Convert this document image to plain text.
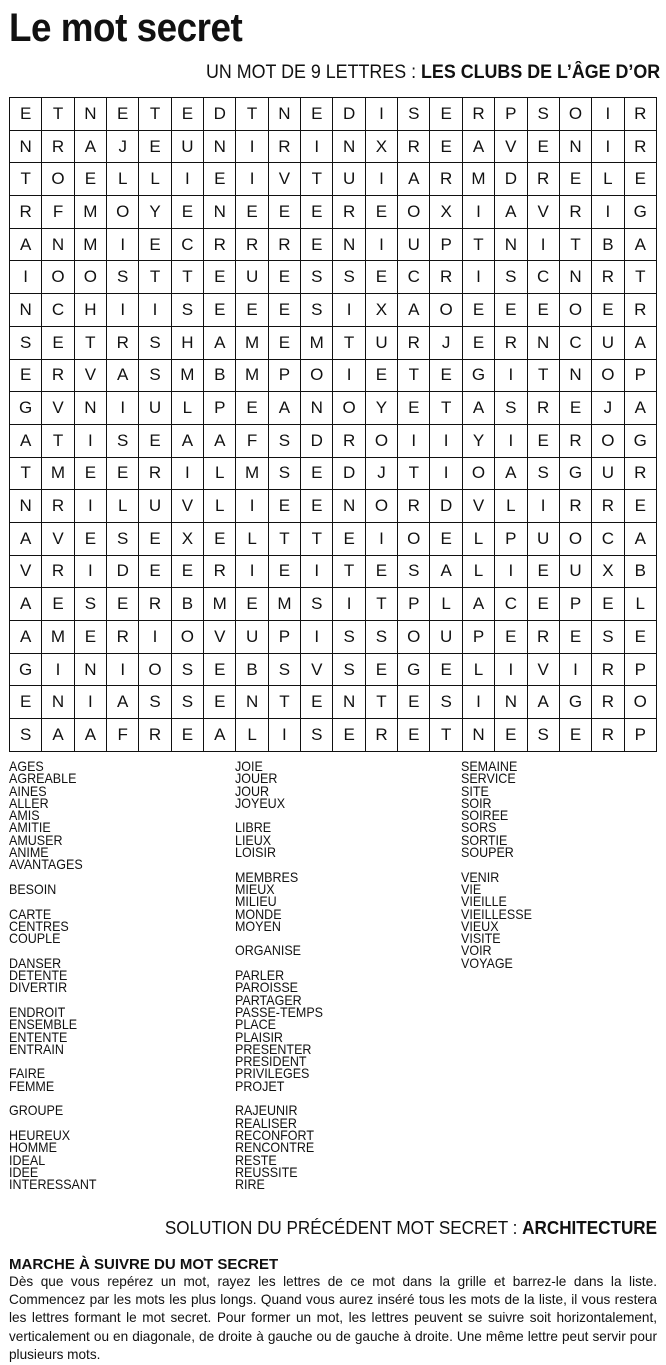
Le mot secret
UN MOT DE 9 LETTRES : LES CLUBS DE L’ÂGE D’OR
E	T	N	E	T	E	D	T	N	E	D	I	S	E	R	P	S	O	I	R
N	R	A	J	E	U	N	I	R	I	N	X	R	E	A	V	E	N	I	R
T	O	E	L	L	I	E	I	V	T	U	I	A	R	M	D	R	E	L	E
R	F	M	O	Y	E	N	E	E	E	R	E	O	X	I	A	V	R	I	G
A	N	M	I	E	C	R	R	R	E	N	I	U	P	T	N	I	T	B	A
I	O	O	S	T	T	E	U	E	S	S	E	C	R	I	S	C	N	R	T
N	C	H	I	I	S	E	E	E	S	I	X	A	O	E	E	E	O	E	R
S	E	T	R	S	H	A	M	E	M	T	U	R	J	E	R	N	C	U	A
E	R	V	A	S	M	B	M	P	O	I	E	T	E	G	I	T	N	O	P
G	V	N	I	U	L	P	E	A	N	O	Y	E	T	A	S	R	E	J	A
A	T	I	S	E	A	A	F	S	D	R	O	I	I	Y	I	E	R	O	G
T	M	E	E	R	I	L	M	S	E	D	J	T	I	O	A	S	G	U	R
N	R	I	L	U	V	L	I	E	E	N	O	R	D	V	L	I	R	R	E
A	V	E	S	E	X	E	L	T	T	E	I	O	E	L	P	U	O	C	A
V	R	I	D	E	E	R	I	E	I	T	E	S	A	L	I	E	U	X	B
A	E	S	E	R	B	M	E	M	S	I	T	P	L	A	C	E	P	E	L
A	M	E	R	I	O	V	U	P	I	S	S	O	U	P	E	R	E	S	E
G	I	N	I	O	S	E	B	S	V	S	E	G	E	L	I	V	I	R	P
E	N	I	A	S	S	E	N	T	E	N	T	E	S	I	N	A	G	R	O
S	A	A	F	R	E	A	L	I	S	E	R	E	T	N	E	S	E	R	P
AGES
AGREABLE
AINES
ALLER
AMIS
AMITIE
AMUSER
ANIME
AVANTAGES
BESOIN
CARTE
CENTRES
COUPLE
DANSER
DETENTE
DIVERTIR
ENDROIT
ENSEMBLE
ENTENTE
ENTRAIN
FAIRE
FEMME
GROUPE
HEUREUX
HOMME
IDEAL
IDEE
INTERESSANT
JOIE
JOUER
JOUR
JOYEUX
LIBRE
LIEUX
LOISIR
MEMBRES
MIEUX
MILIEU
MONDE
MOYEN
ORGANISE
PARLER
PAROISSE
PARTAGER
PASSE-TEMPS
PLACE
PLAISIR
PRESENTER
PRESIDENT
PRIVILEGES
PROJET
RAJEUNIR
REALISER
RECONFORT
RENCONTRE
RESTE
REUSSITE
RIRE
SEMAINE
SERVICE
SITE
SOIR
SOIREE
SORS
SORTIE
SOUPER
VENIR
VIE
VIEILLE
VIEILLESSE
VIEUX
VISITE
VOIR
VOYAGE
SOLUTION DU PRÉCÉDENT MOT SECRET : ARCHITECTURE
MARCHE À SUIVRE DU MOT SECRET

Dès que vous repérez un mot, rayez les lettres de ce mot dans la grille et barrez-le dans la liste. Commencez par les mots les plus longs. Quand vous aurez inséré tous les mots de la liste, il vous restera les lettres formant le mot secret. Pour former un mot, les lettres peuvent se suivre soit horizontalement, verticalement ou en diagonale, de droite à gauche ou de gauche à droite. Une même lettre peut servir pour plusieurs mots.
